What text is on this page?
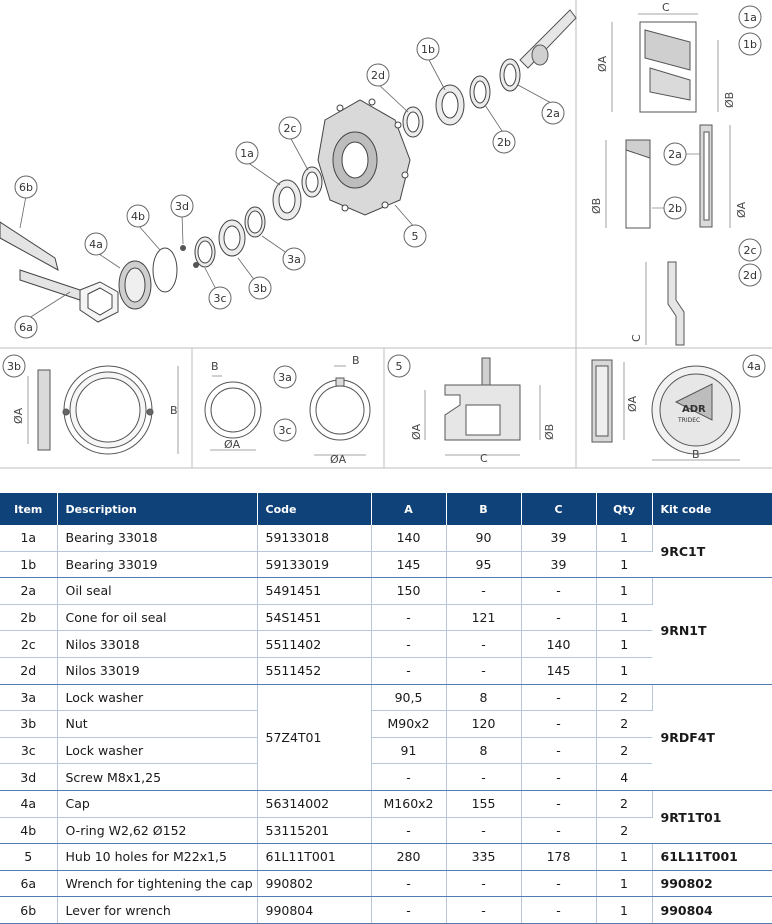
1b
2d
2a
2b
2c
1a
5
3d
4b
4a
6b
6a
3c
3b
3a
C
ØA
ØB
ØB	ØA
C
1a
1b
2a
2b
2c
2d
ØA	B
3b
ØA
ØA
B	B
3a
3c	ØA	ØB
C
5
ADR
TRIDEC
ØA
B
4a
Item	Description	Code	A	B	C	Qty	Kit code
1a	Bearing 33018	59133018	140	90	39	1	9RC1T
1b	Bearing 33019	59133019	145	95	39	1	
2a	Oil seal	5491451	150	-	-	1	9RN1T
2b	Cone for oil seal	54S1451	-	121	-	1	
2c	Nilos 33018	5511402	-	-	140	1	
2d	Nilos 33019	5511452	-	-	145	1	
3a	Lock washer	57Z4T01	90,5	8	-	2	9RDF4T
3b	Nut		M90x2	120	-	2	
3c	Lock washer		91	8	-	2	
3d	Screw M8x1,25		-	-	-	4	
4a	Cap	56314002	M160x2	155	-	2	9RT1T01
4b	O-ring W2,62 Ø152	53115201	-	-	-	2	
5	Hub 10 holes for M22x1,5	61L11T001	280	335	178	1	61L11T001
6a	Wrench for tightening the cap	990802	-	-	-	1	990802
6b	Lever for wrench	990804	-	-	-	1	990804
